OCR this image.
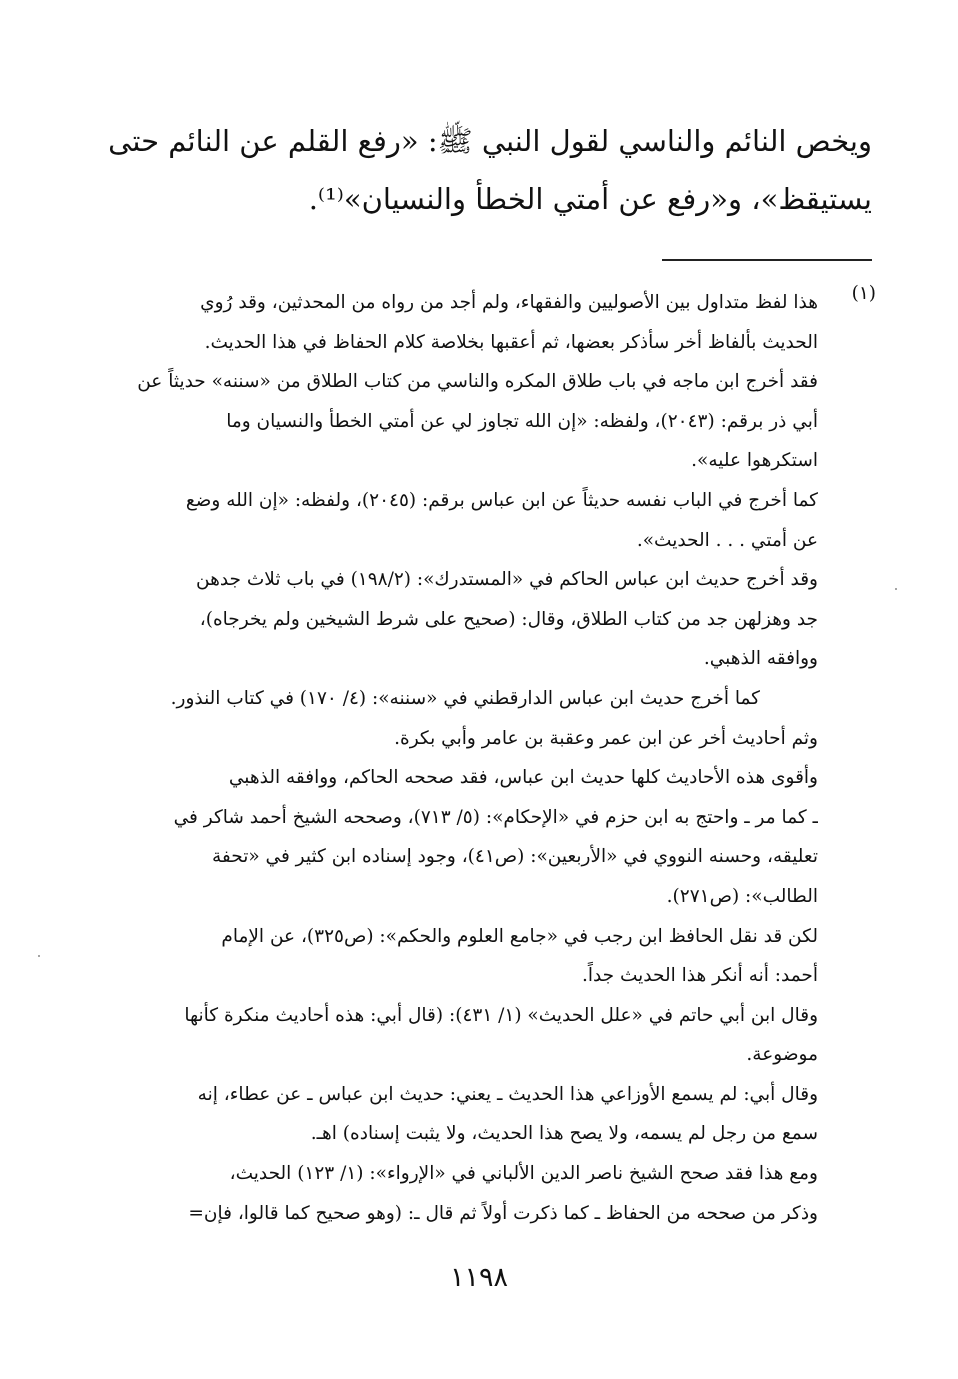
ويخص النائم والناسي لقول النبي ﷺ: «رفع القلم عن النائم حتى
يستيقظ»، و«رفع عن أمتي الخطأ والنسيان»⁽¹⁾.
(١)
هذا لفظ متداول بين الأصوليين والفقهاء، ولم أجد من رواه من المحدثين، وقد رُوي
الحديث بألفاظ أخر سأذكر بعضها، ثم أعقبها بخلاصة كلام الحفاظ في هذا الحديث.
فقد أخرج ابن ماجه في باب طلاق المكره والناسي من كتاب الطلاق من «سننه» حديثاً عن
أبي ذر برقم: (٢٠٤٣)، ولفظه: «إن الله تجاوز لي عن أمتي الخطأ والنسيان وما
استكرهوا عليه».
كما أخرج في الباب نفسه حديثاً عن ابن عباس برقم: (٢٠٤٥)، ولفظه: «إن الله وضع
عن أمتي . . . الحديث».
وقد أخرج حديث ابن عباس الحاكم في «المستدرك»: (١٩٨/٢) في باب ثلاث جدهن
جد وهزلهن جد من كتاب الطلاق، وقال: (صحيح على شرط الشيخين ولم يخرجاه)،
ووافقه الذهبي.
كما أخرج حديث ابن عباس الدارقطني في «سننه»: (٤/ ١٧٠) في كتاب النذور.
وثم أحاديث أخر عن ابن عمر وعقبة بن عامر وأبي بكرة.
وأقوى هذه الأحاديث كلها حديث ابن عباس، فقد صححه الحاكم، ووافقه الذهبي
ـ كما مر ـ واحتج به ابن حزم في «الإحكام»: (٥/ ٧١٣)، وصححه الشيخ أحمد شاكر في
تعليقه، وحسنه النووي في «الأربعين»: (ص٤١)، وجود إسناده ابن كثير في «تحفة
الطالب»: (ص٢٧١).
لكن قد نقل الحافظ ابن رجب في «جامع العلوم والحكم»: (ص٣٢٥)، عن الإمام
أحمد: أنه أنكر هذا الحديث جداً.
وقال ابن أبي حاتم في «علل الحديث» (١/ ٤٣١): (قال أبي: هذه أحاديث منكرة كأنها
موضوعة.
وقال أبي: لم يسمع الأوزاعي هذا الحديث ـ يعني: حديث ابن عباس ـ عن عطاء، إنه
سمع من رجل لم يسمه، ولا يصح هذا الحديث، ولا يثبت إسناده) اهـ.
ومع هذا فقد صحح الشيخ ناصر الدين الألباني في «الإرواء»: (١/ ١٢٣) الحديث،
وذكر من صححه من الحفاظ ـ كما ذكرت أولاً ثم قال ـ: (وهو صحيح كما قالوا، فإن=
١١٩٨
